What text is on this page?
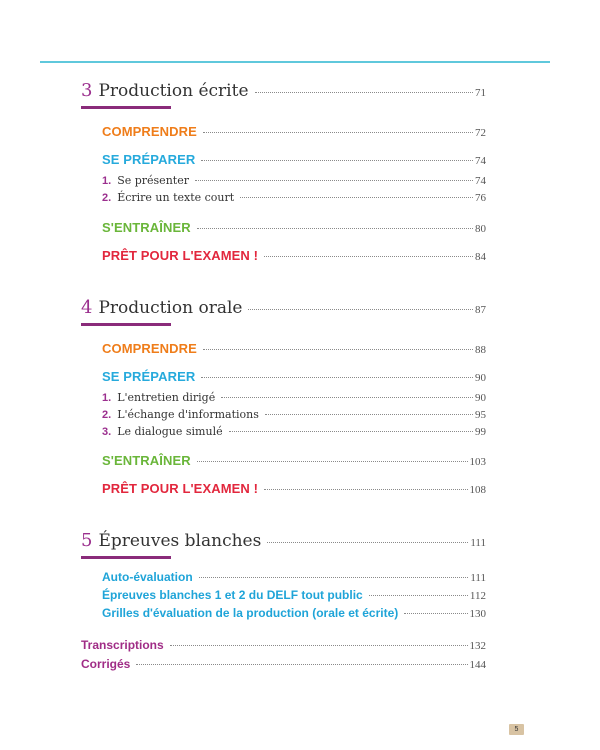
3 Production écrite	71
COMPRENDRE	72
SE PRÉPARER	74
1. Se présenter	74
2. Écrire un texte court	76
S'ENTRAÎNER	80
PRÊT POUR L'EXAMEN !	84
4 Production orale	87
COMPRENDRE	88
SE PRÉPARER	90
1. L'entretien dirigé	90
2. L'échange d'informations	95
3. Le dialogue simulé	99
S'ENTRAÎNER	103
PRÊT POUR L'EXAMEN !	108
5 Épreuves blanches	111
Auto-évaluation	111
Épreuves blanches 1 et 2 du DELF tout public	112
Grilles d'évaluation de la production (orale et écrite)	130
Transcriptions	132
Corrigés	144
5
